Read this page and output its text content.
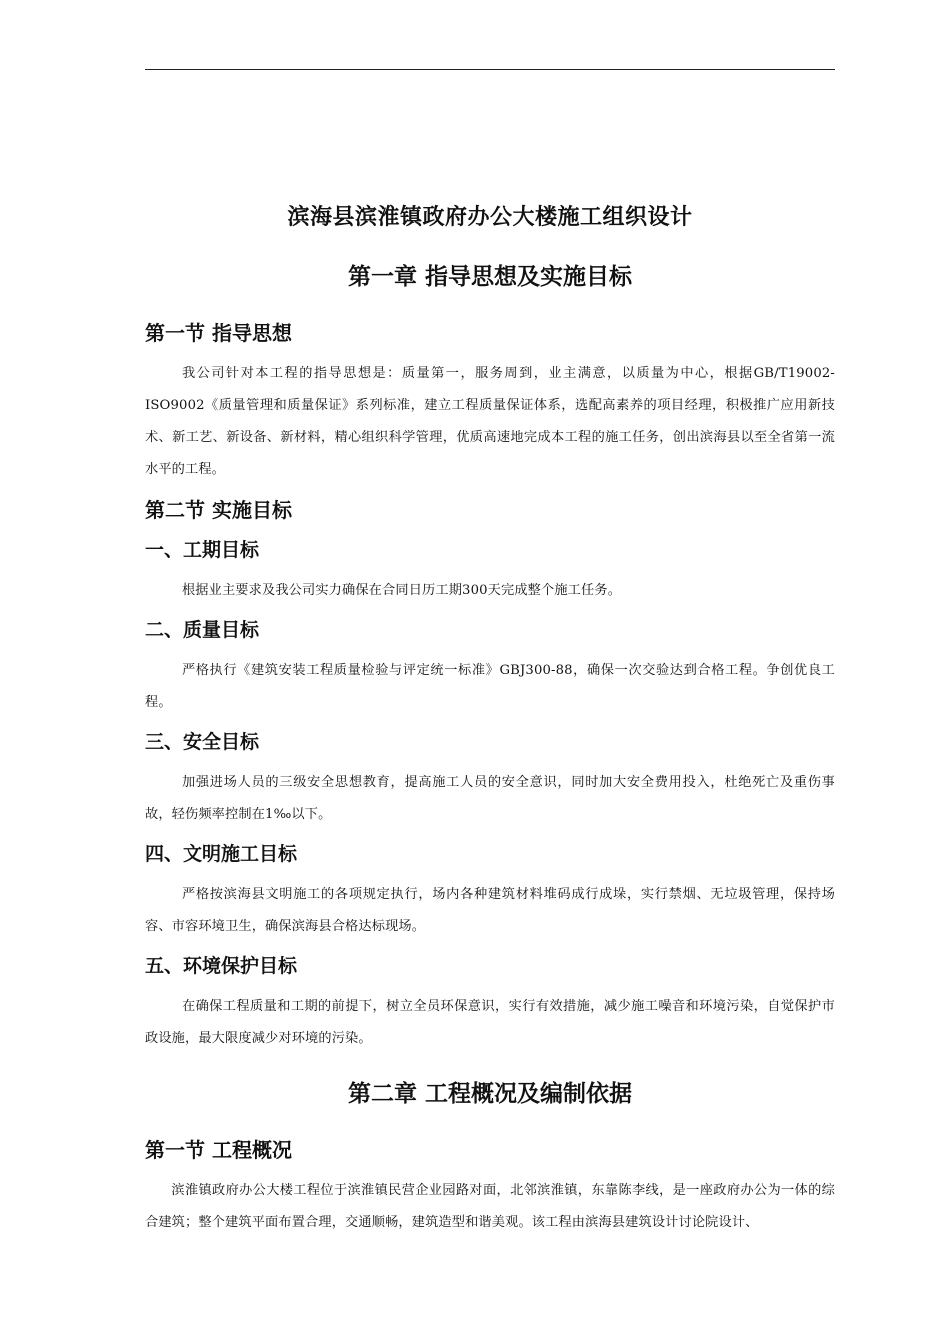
滨海县滨淮镇政府办公大楼施工组织设计
第一章 指导思想及实施目标
第一节 指导思想

我公司针对本工程的指导思想是：质量第一，服务周到，业主满意，以质量为中心，根据GB/T19002-ISO9002《质量管理和质量保证》系列标准，建立工程质量保证体系，选配高素养的项目经理，积极推广应用新技术、新工艺、新设备、新材料，精心组织科学管理，优质高速地完成本工程的施工任务，创出滨海县以至全省第一流水平的工程。

第二节 实施目标
一、工期目标

根据业主要求及我公司实力确保在合同日历工期300天完成整个施工任务。

二、质量目标

严格执行《建筑安装工程质量检验与评定统一标准》GBJ300-88，确保一次交验达到合格工程。争创优良工程。

三、安全目标

加强进场人员的三级安全思想教育，提高施工人员的安全意识，同时加大安全费用投入，杜绝死亡及重伤事故，轻伤频率控制在1‰以下。

四、文明施工目标

严格按滨海县文明施工的各项规定执行，场内各种建筑材料堆码成行成垛，实行禁烟、无垃圾管理，保持场容、市容环境卫生，确保滨海县合格达标现场。

五、环境保护目标

在确保工程质量和工期的前提下，树立全员环保意识，实行有效措施，减少施工噪音和环境污染，自觉保护市政设施，最大限度减少对环境的污染。

第二章 工程概况及编制依据
第一节 工程概况

滨淮镇政府办公大楼工程位于滨淮镇民营企业园路对面，北邻滨淮镇，东靠陈李线，是一座政府办公为一体的综合建筑；整个建筑平面布置合理，交通顺畅，建筑造型和谐美观。该工程由滨海县建筑设计讨论院设计、
